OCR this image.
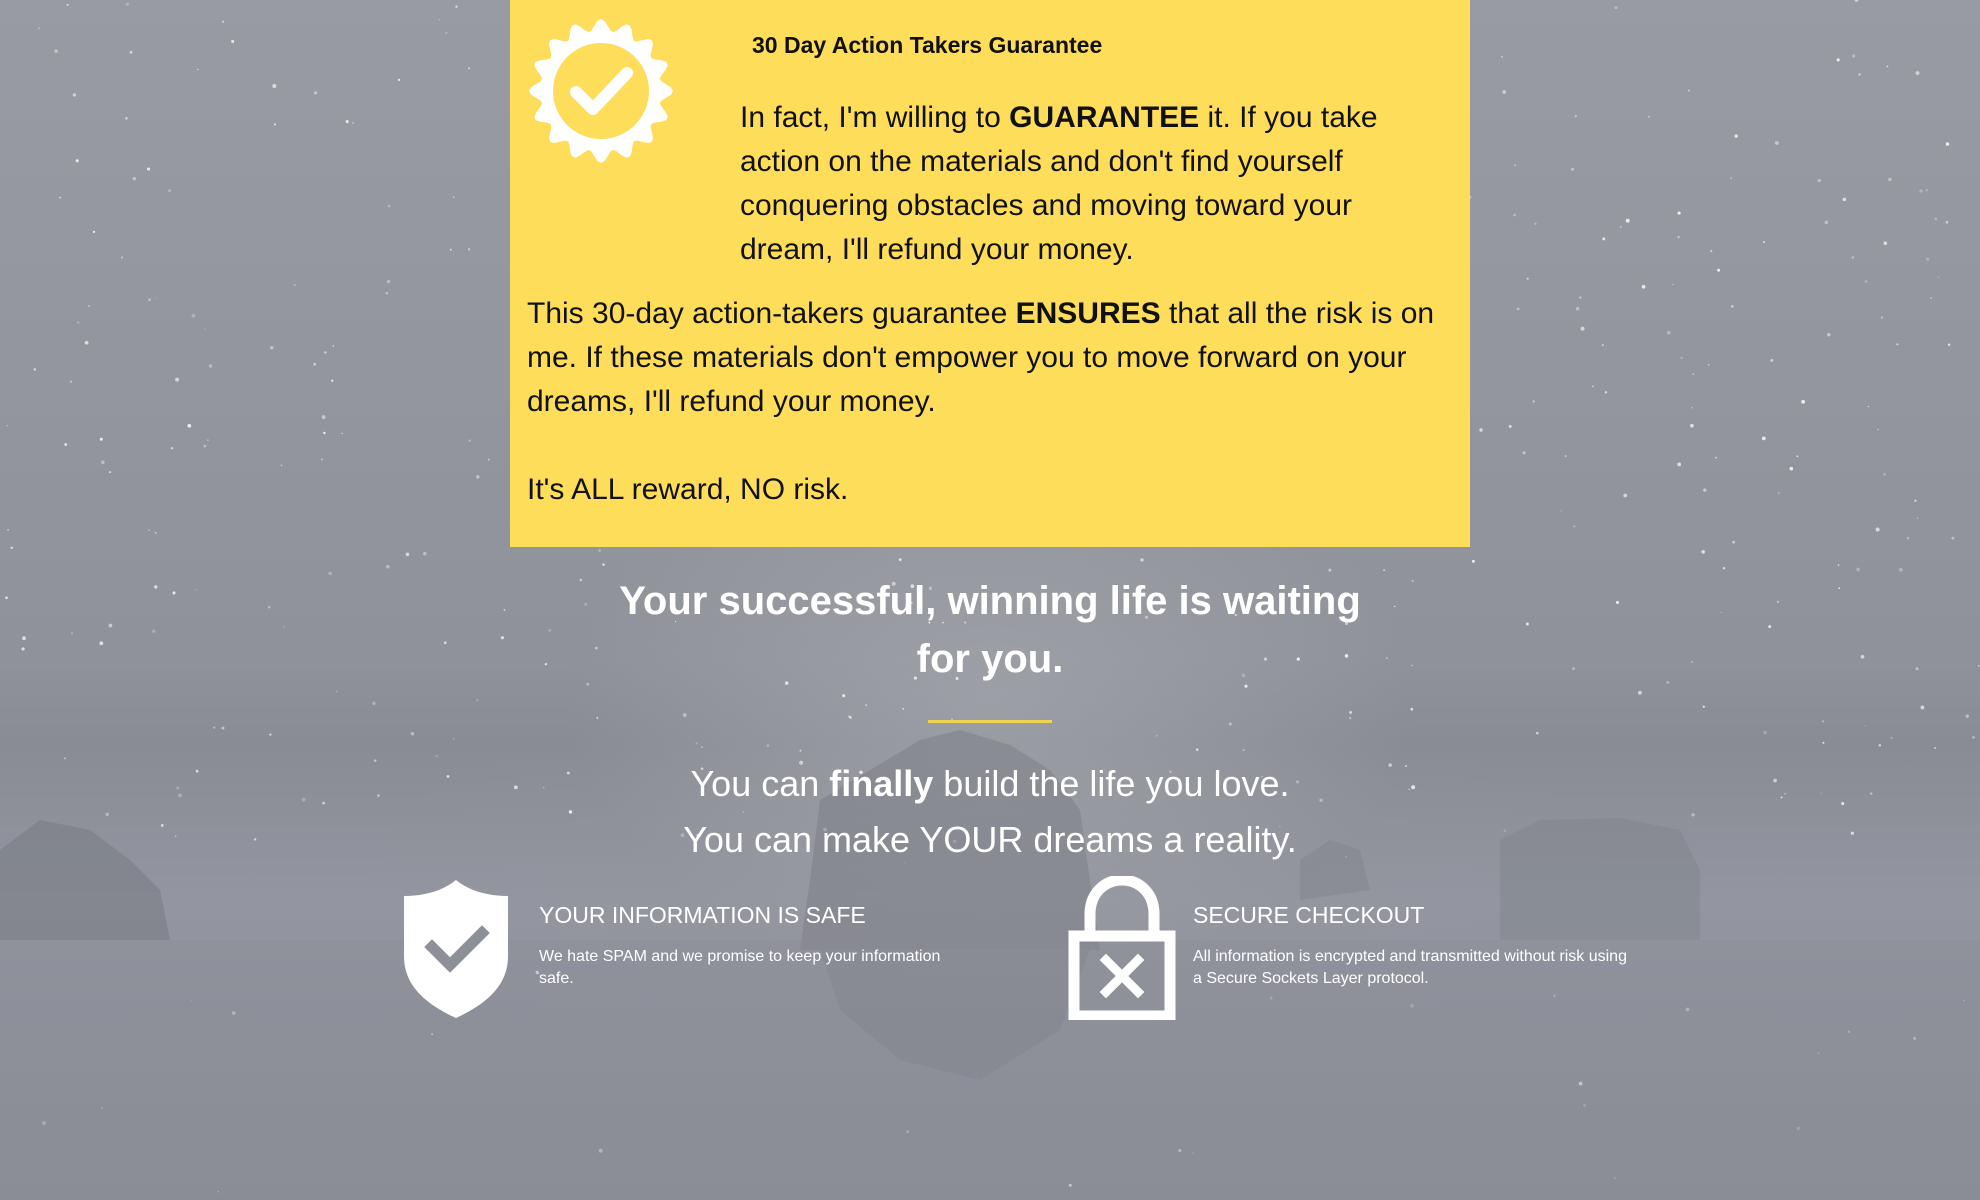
30 Day Action Takers Guarantee
In fact, I'm willing to GUARANTEE it. If you take action on the materials and don't find yourself conquering obstacles and moving toward your dream, I'll refund your money.
This 30-day action-takers guarantee ENSURES that all the risk is on me. If these materials don't empower you to move forward on your dreams, I'll refund your money.
It's ALL reward, NO risk.
Your successful, winning life is waiting
for you.
You can finally build the life you love.
You can make YOUR dreams a reality.
YOUR INFORMATION IS SAFE
We hate SPAM and we promise to keep your information safe.
SECURE CHECKOUT
All information is encrypted and transmitted without risk using a Secure Sockets Layer protocol.
